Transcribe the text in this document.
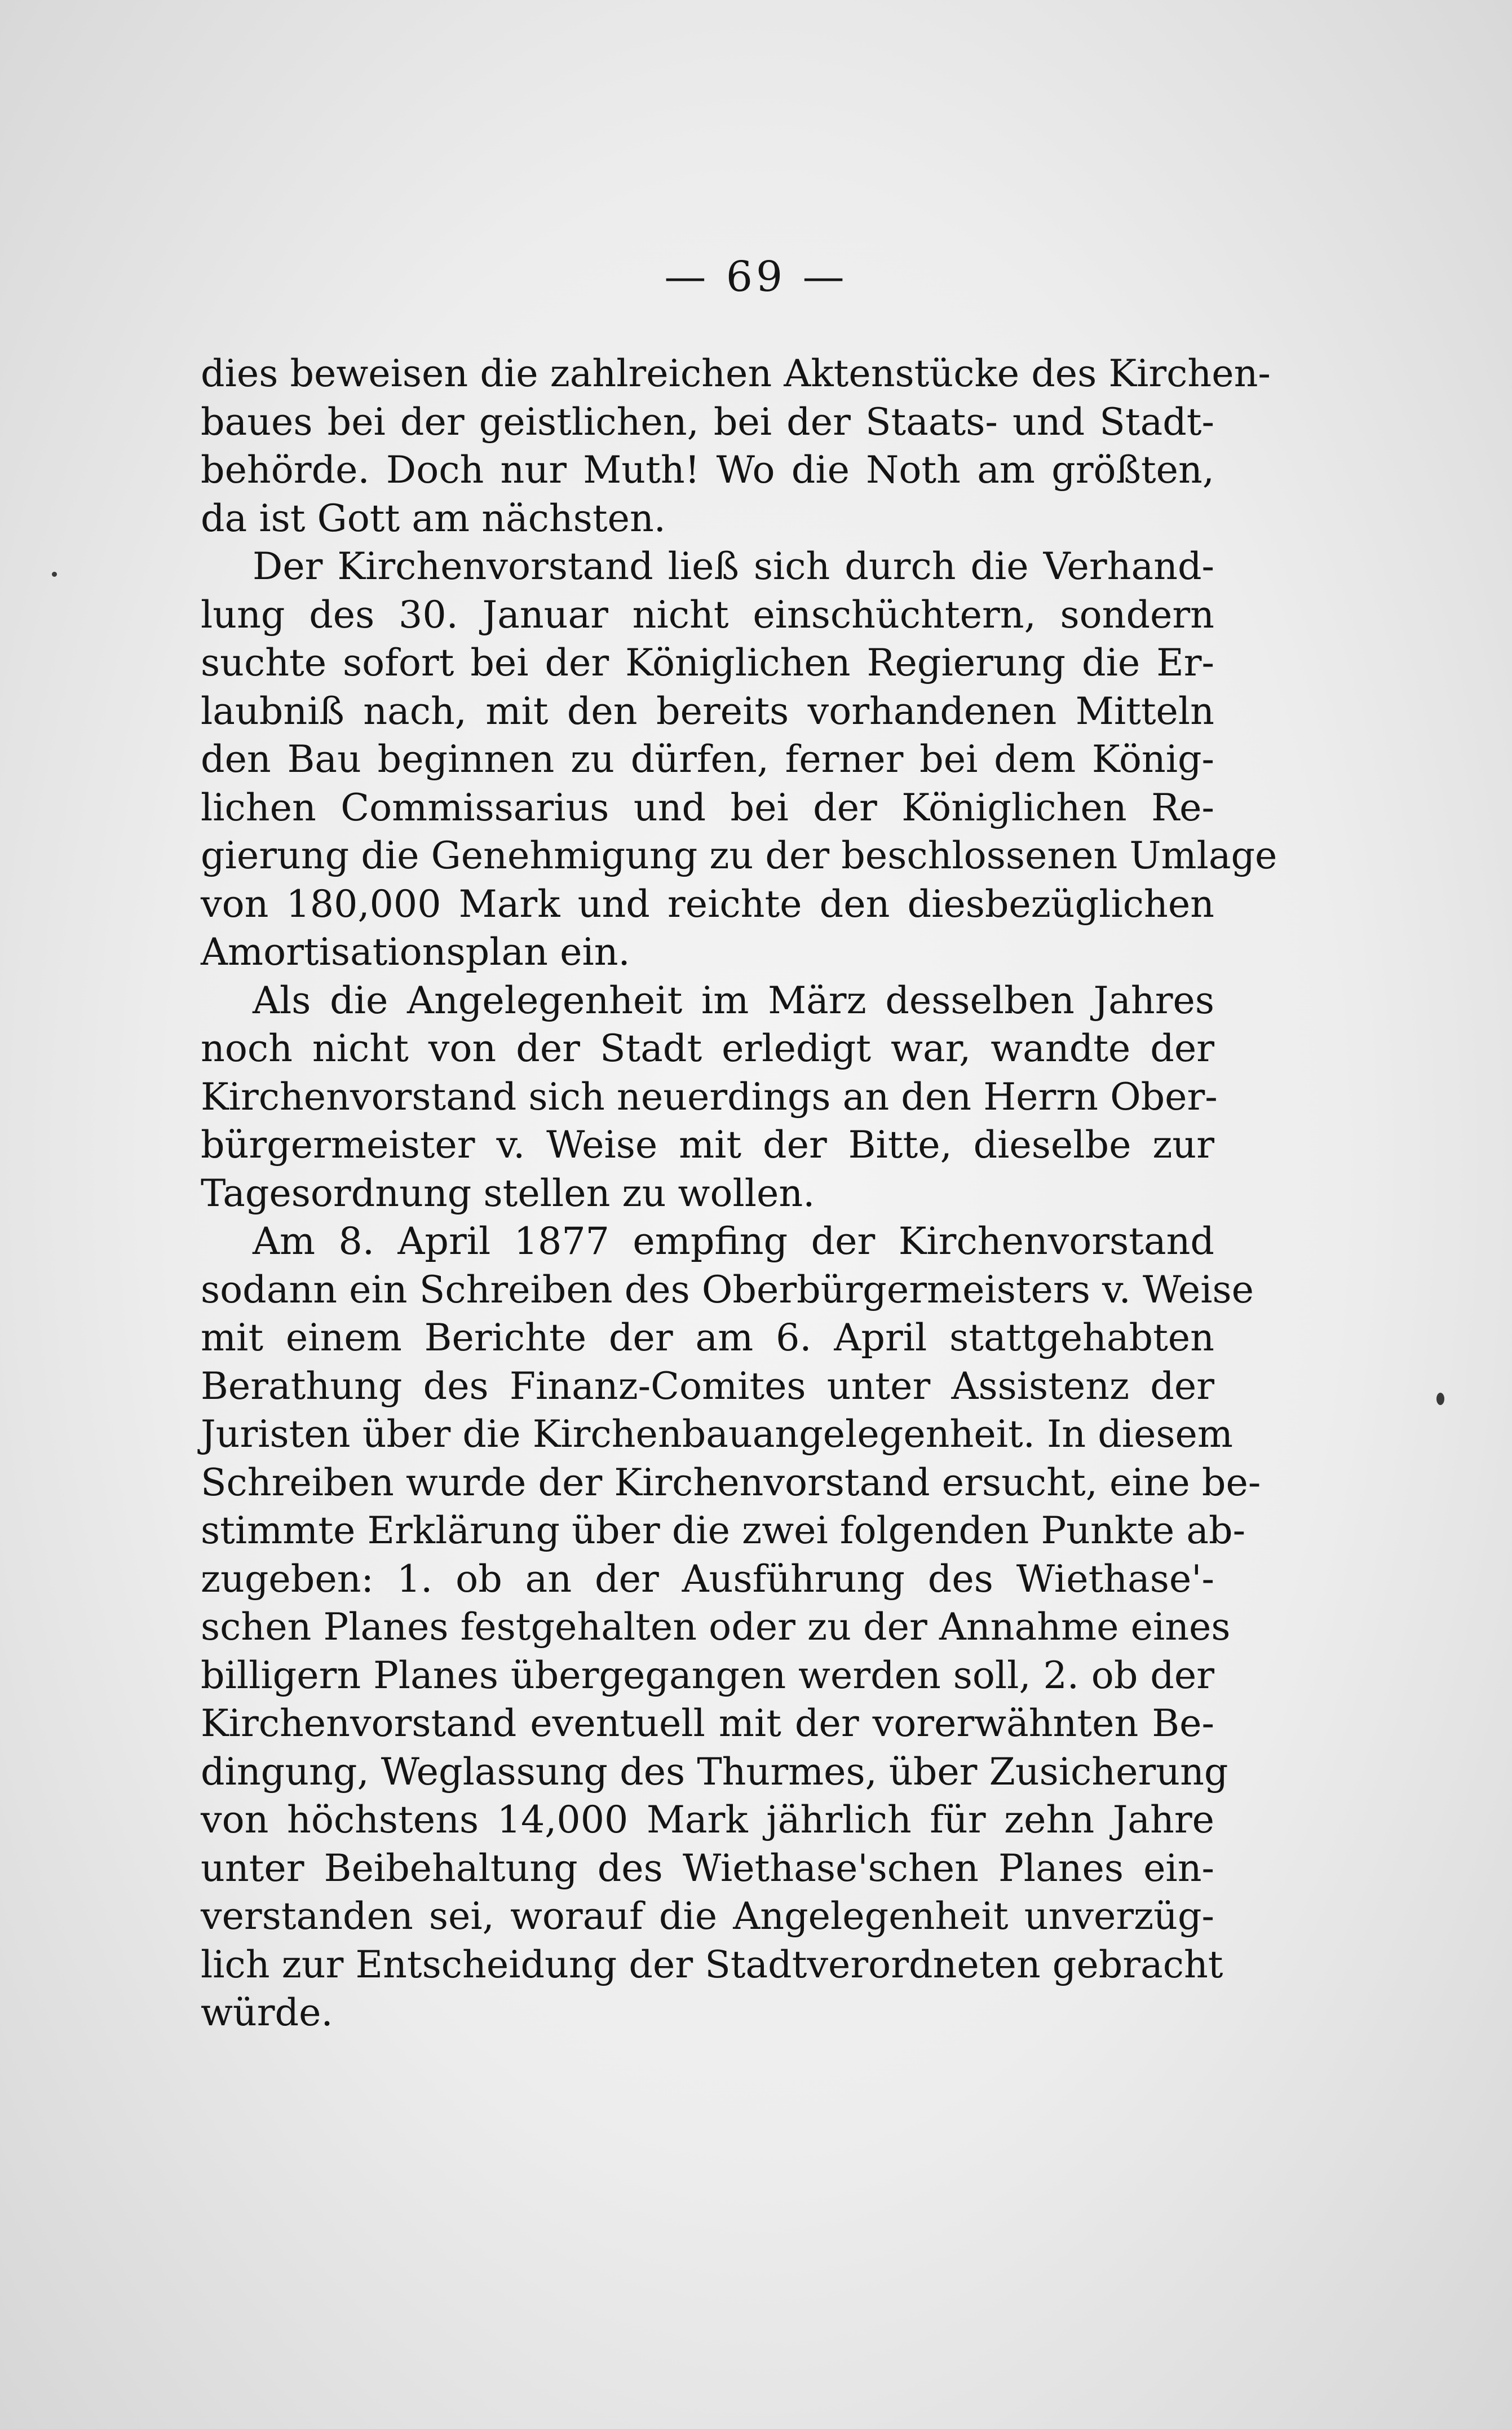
— 69 —
dies beweisen die zahlreichen Aktenstücke des Kirchen-
baues bei der geistlichen, bei der Staats- und Stadt-
behörde. Doch nur Muth! Wo die Noth am größten,
da ist Gott am nächsten.
Der Kirchenvorstand ließ sich durch die Verhand-
lung des 30. Januar nicht einschüchtern, sondern
suchte sofort bei der Königlichen Regierung die Er-
laubniß nach, mit den bereits vorhandenen Mitteln
den Bau beginnen zu dürfen, ferner bei dem König-
lichen Commissarius und bei der Königlichen Re-
gierung die Genehmigung zu der beschlossenen Umlage
von 180,000 Mark und reichte den diesbezüglichen
Amortisationsplan ein.
Als die Angelegenheit im März desselben Jahres
noch nicht von der Stadt erledigt war, wandte der
Kirchenvorstand sich neuerdings an den Herrn Ober-
bürgermeister v. Weise mit der Bitte, dieselbe zur
Tagesordnung stellen zu wollen.
Am 8. April 1877 empfing der Kirchenvorstand
sodann ein Schreiben des Oberbürgermeisters v. Weise
mit einem Berichte der am 6. April stattgehabten
Berathung des Finanz-Comites unter Assistenz der
Juristen über die Kirchenbauangelegenheit. In diesem
Schreiben wurde der Kirchenvorstand ersucht, eine be-
stimmte Erklärung über die zwei folgenden Punkte ab-
zugeben: 1. ob an der Ausführung des Wiethase'-
schen Planes festgehalten oder zu der Annahme eines
billigern Planes übergegangen werden soll, 2. ob der
Kirchenvorstand eventuell mit der vorerwähnten Be-
dingung, Weglassung des Thurmes, über Zusicherung
von höchstens 14,000 Mark jährlich für zehn Jahre
unter Beibehaltung des Wiethase'schen Planes ein-
verstanden sei, worauf die Angelegenheit unverzüg-
lich zur Entscheidung der Stadtverordneten gebracht
würde.
